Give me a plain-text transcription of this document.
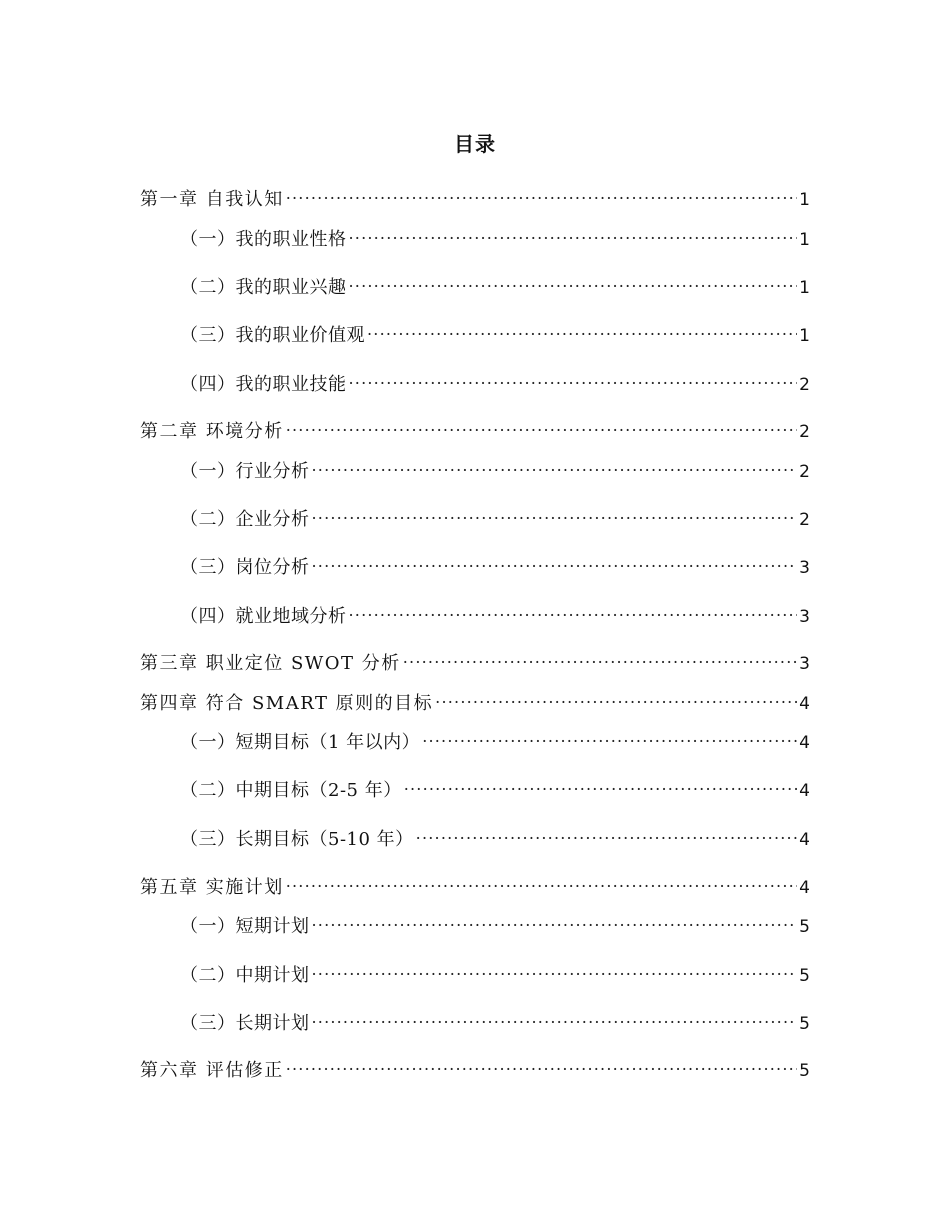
目录
第一章 自我认知 .....	1
（一）我的职业性格 .....	1
（二）我的职业兴趣 .....	1
（三）我的职业价值观 .....	1
（四）我的职业技能 .....	2
第二章 环境分析 .....	2
（一）行业分析 .....	2
（二）企业分析 .....	2
（三）岗位分析 .....	3
（四）就业地域分析 .....	3
第三章 职业定位 SWOT 分析 .....	3
第四章 符合 SMART 原则的目标 .....	4
（一）短期目标（1 年以内） .....	4
（二）中期目标（2-5 年） .....	4
（三）长期目标（5-10 年） .....	4
第五章 实施计划 .....	4
（一）短期计划 .....	5
（二）中期计划 .....	5
（三）长期计划 .....	5
第六章 评估修正 .....	5
